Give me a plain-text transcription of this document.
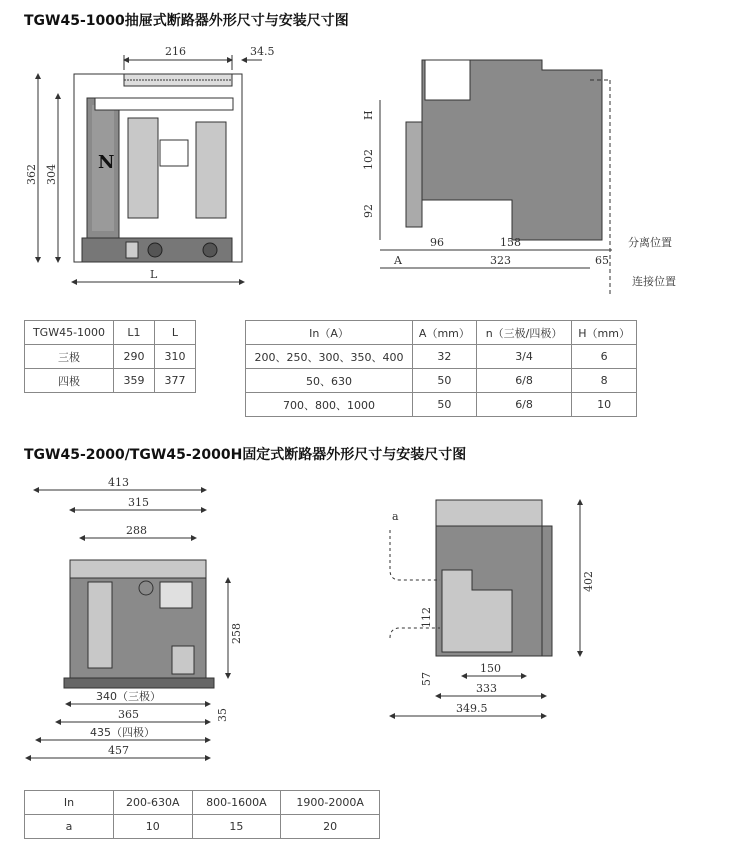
TGW45-1000抽屉式断路器外形尺寸与安装尺寸图
N
216	34.5
362 304
L
H
102
92
96	158
323
A	65
分离位置
连接位置
TGW45-1000	L1	L
三极	290	310
四极	359	377
In（A）	A（mm）	n（三极/四极）	H（mm）
200、250、300、350、400	32	3/4	6
50、630	50	6/8	8
700、800、1000	50	6/8	10
TGW45-2000/TGW45-2000H固定式断路器外形尺寸与安装尺寸图
413
315
288
258
340（三极）
365
435（四极）
457
35
a
402
112
57
150
333
349.5
In	200-630A	800-1600A	1900-2000A
a	10	15	20
